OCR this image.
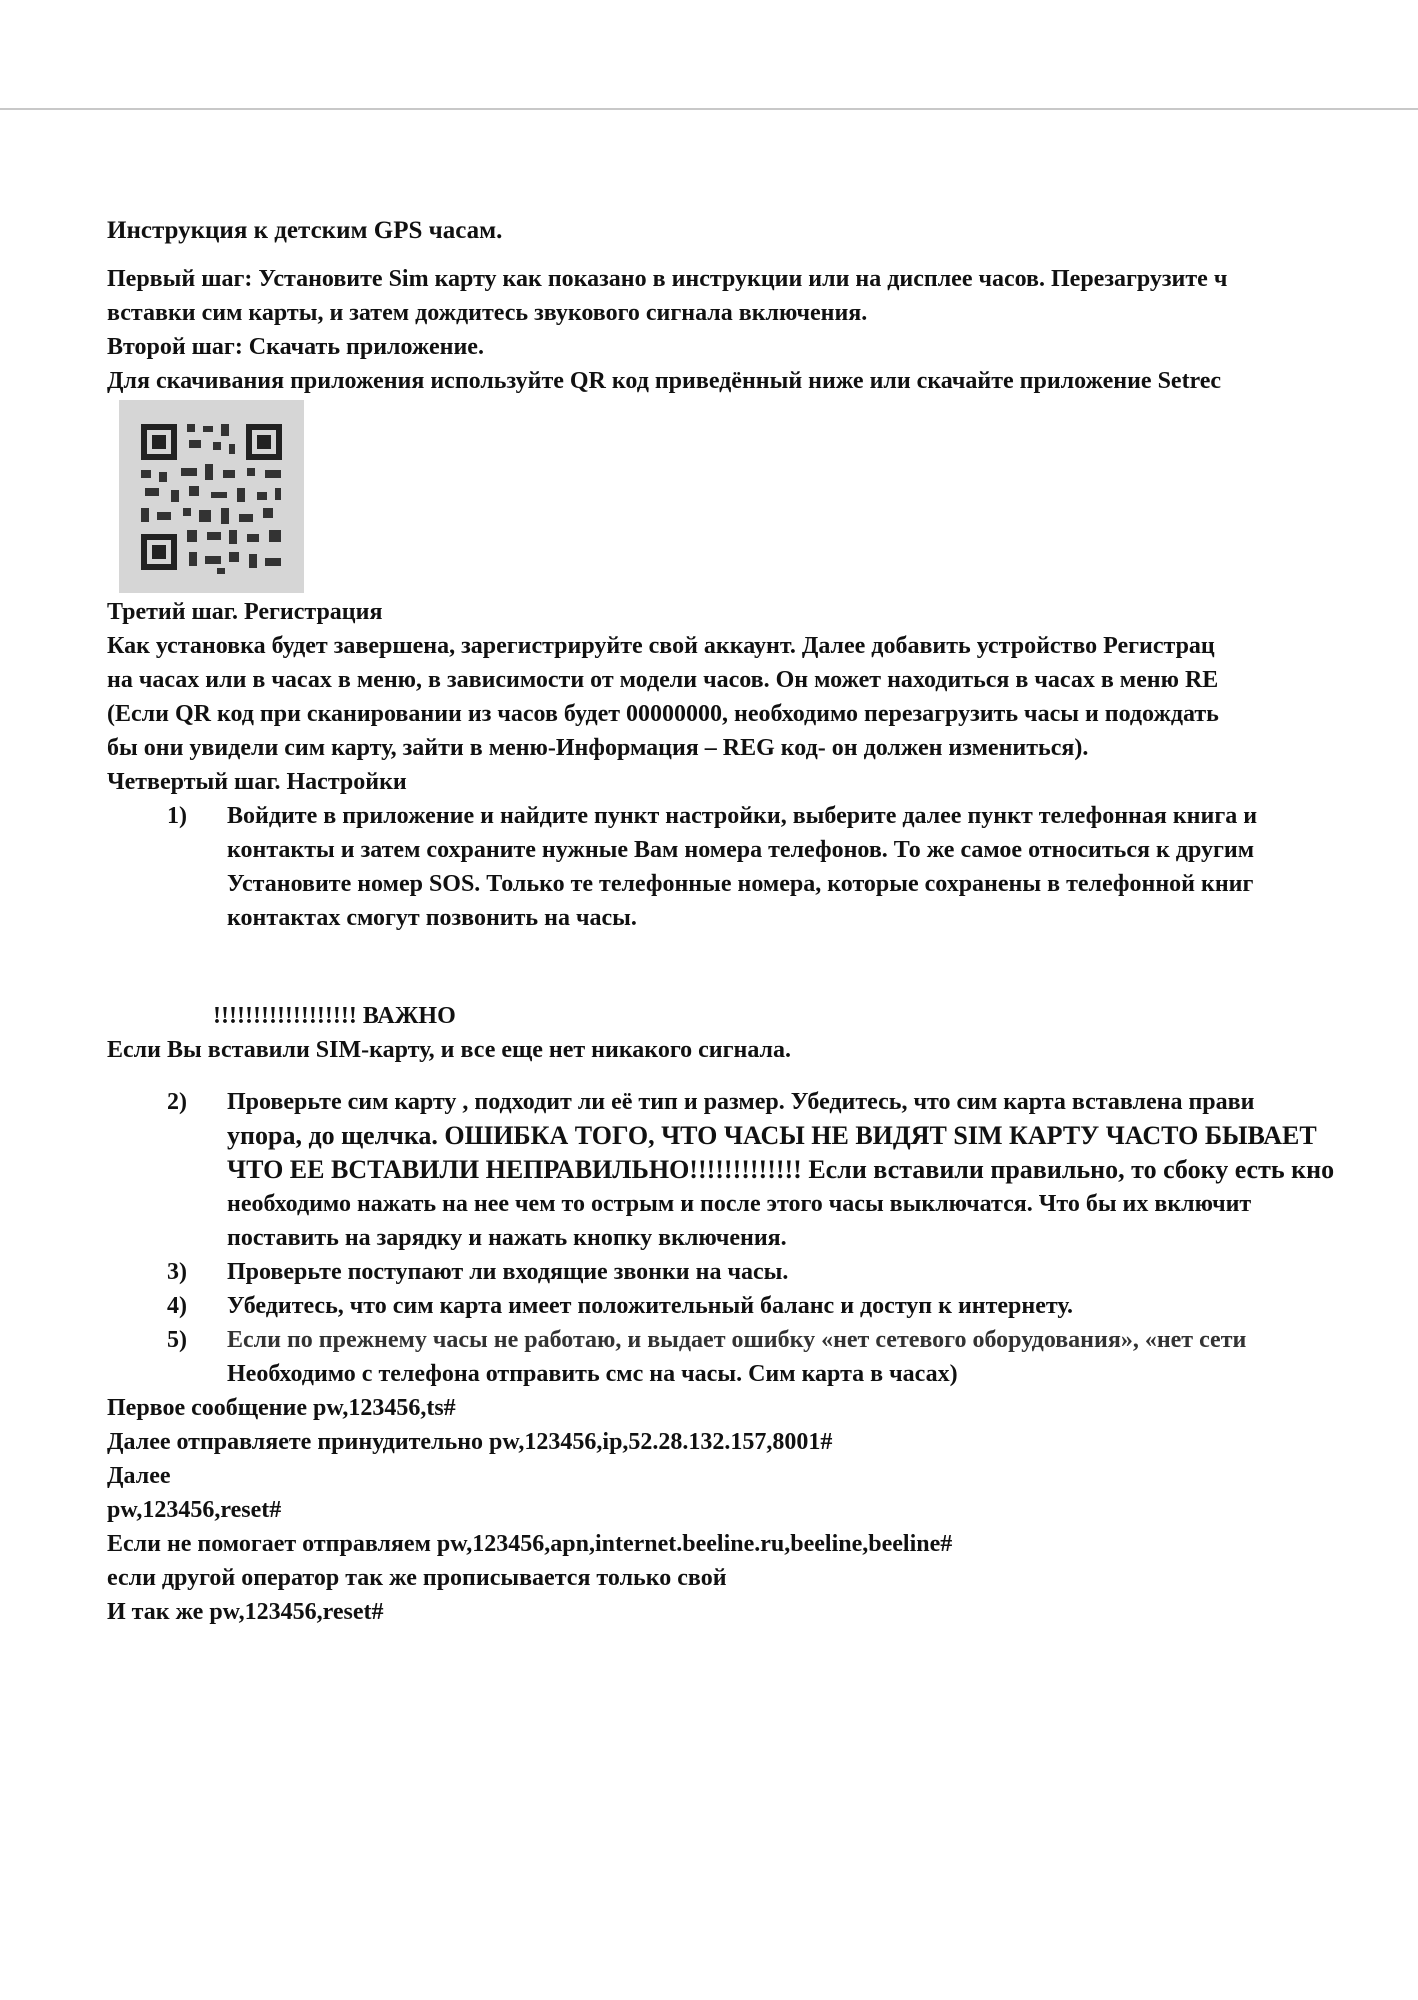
Инструкция к детским GPS часам.
Первый шаг: Установите Sim карту как показано в инструкции или на дисплее часов. Перезагрузите ч
вставки сим карты, и затем дождитесь звукового сигнала включения.
Второй шаг: Скачать приложение.
Для скачивания приложения используйте QR код приведённый ниже или скачайте приложение Setrec
Третий шаг. Регистрация
Как установка будет завершена, зарегистрируйте свой аккаунт. Далее добавить устройство Регистрац
на часах или в часах в меню, в зависимости от модели часов. Он может находиться в часах в меню RE
(Если QR код при сканировании из часов будет 00000000, необходимо перезагрузить часы и подождать
бы они увидели сим карту, зайти в меню-Информация – REG код- он должен измениться).
Четвертый шаг. Настройки
1) Войдите в приложение и найдите пункт настройки, выберите далее пункт телефонная книга и
контакты и затем сохраните нужные Вам номера телефонов. То же самое относиться к другим
Установите номер SOS. Только те телефонные номера, которые сохранены в телефонной книг
контактах смогут позвонить на часы.
!!!!!!!!!!!!!!!!!! ВАЖНО
Если Вы вставили SIM-карту, и все еще нет никакого сигнала.
2) Проверьте сим карту , подходит ли её тип и размер. Убедитесь, что сим карта вставлена прави
упора, до щелчка. ОШИБКА ТОГО, ЧТО ЧАСЫ НЕ ВИДЯТ SIM КАРТУ ЧАСТО БЫВАЕТ
ЧТО ЕЕ ВСТАВИЛИ НЕПРАВИЛЬНО!!!!!!!!!!!!! Если вставили правильно, то сбоку есть кно
необходимо нажать на нее чем то острым и после этого часы выключатся. Что бы их включит
поставить на зарядку и нажать кнопку включения.
3) Проверьте поступают ли входящие звонки на часы.
4) Убедитесь, что сим карта имеет положительный баланс и доступ к интернету.
5) Если по прежнему часы не работаю, и выдает ошибку «нет сетевого оборудования», «нет сети
Необходимо с телефона отправить смс на часы. Сим карта в часах)
Первое сообщение pw,123456,ts#
Далее отправляете принудительно pw,123456,ip,52.28.132.157,8001#
Далее
pw,123456,reset#
Если не помогает отправляем pw,123456,apn,internet.beeline.ru,beeline,beeline#
если другой оператор так же прописывается только свой
И так же pw,123456,reset#
